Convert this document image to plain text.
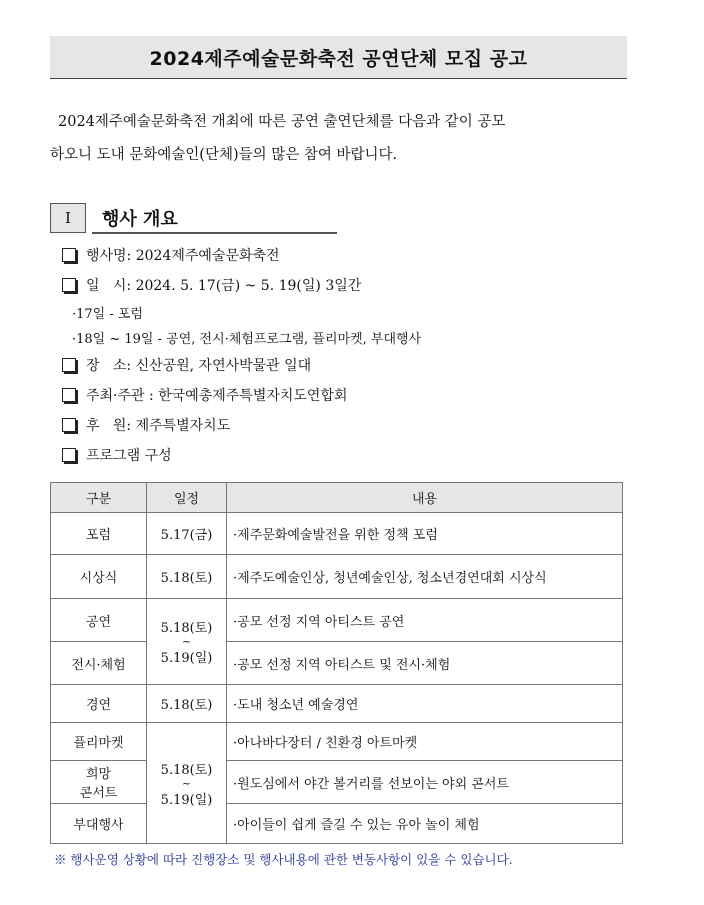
2024제주예술문화축전 공연단체 모집 공고

2024제주예술문화축전 개최에 따른 공연 출연단체를 다음과 같이 공모

하오니 도내 문화예술인(단체)들의 많은 참여 바랍니다.

Ⅰ	행사 개요
행사명: 2024제주예술문화축전
일   시: 2024. 5. 17(금) ~ 5. 19(일) 3일간
·17일 - 포럼
·18일 ~ 19일 - 공연, 전시·체험프로그램, 플리마켓, 부대행사
장   소: 신산공원, 자연사박물관 일대
주최·주관 : 한국예총제주특별자치도연합회
후   원: 제주특별자치도
프로그램 구성
구분	일정	내용
포럼	5.17(금)	·제주문화예술발전을 위한 정책 포럼
시상식	5.18(토)	·제주도예술인상, 청년예술인상, 청소년경연대회 시상식
공연	5.18(토)
~
5.19(일)	·공모 선정 지역 아티스트 공연
전시·체험		·공모 선정 지역 아티스트 및 전시·체험
경연	5.18(토)	·도내 청소년 예술경연
플리마켓	5.18(토)
~
5.19(일)	·아나바다장터 / 친환경 아트마켓

희망
콘서트		·원도심에서 야간 볼거리를 선보이는 야외 콘서트
부대행사		·아이들이 쉽게 즐길 수 있는 유아 놀이 체험
※ 행사운영 상황에 따라 진행장소 및 행사내용에 관한 변동사항이 있을 수 있습니다.
